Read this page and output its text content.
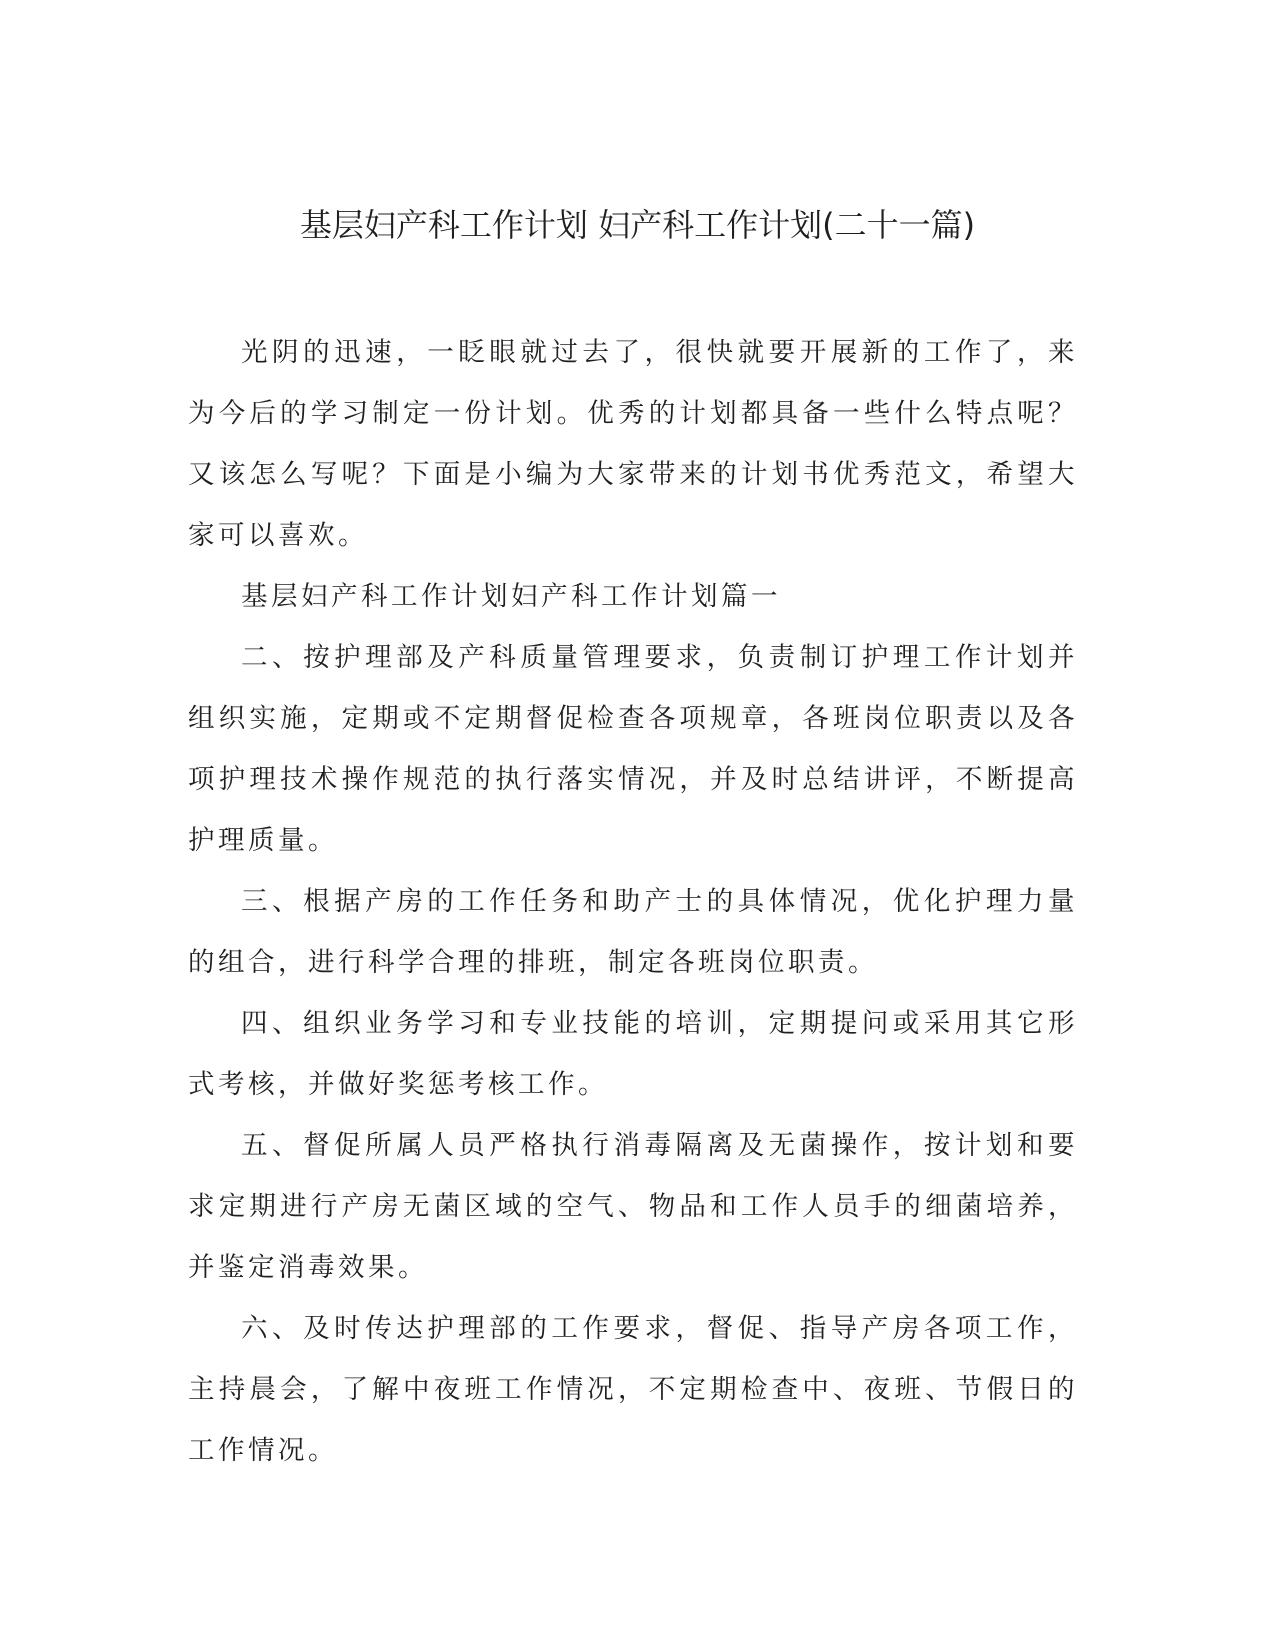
基层妇产科工作计划 妇产科工作计划(二十一篇)

光阴的迅速，一眨眼就过去了，很快就要开展新的工作了，来为今后的学习制定一份计划。优秀的计划都具备一些什么特点呢？又该怎么写呢？下面是小编为大家带来的计划书优秀范文，希望大家可以喜欢。

基层妇产科工作计划妇产科工作计划篇一

二、按护理部及产科质量管理要求，负责制订护理工作计划并组织实施，定期或不定期督促检查各项规章，各班岗位职责以及各项护理技术操作规范的执行落实情况，并及时总结讲评，不断提高护理质量。

三、根据产房的工作任务和助产士的具体情况，优化护理力量的组合，进行科学合理的排班，制定各班岗位职责。

四、组织业务学习和专业技能的培训，定期提问或采用其它形式考核，并做好奖惩考核工作。

五、督促所属人员严格执行消毒隔离及无菌操作，按计划和要求定期进行产房无菌区域的空气、物品和工作人员手的细菌培养，并鉴定消毒效果。

六、及时传达护理部的工作要求，督促、指导产房各项工作，主持晨会，了解中夜班工作情况，不定期检查中、夜班、节假日的工作情况。
